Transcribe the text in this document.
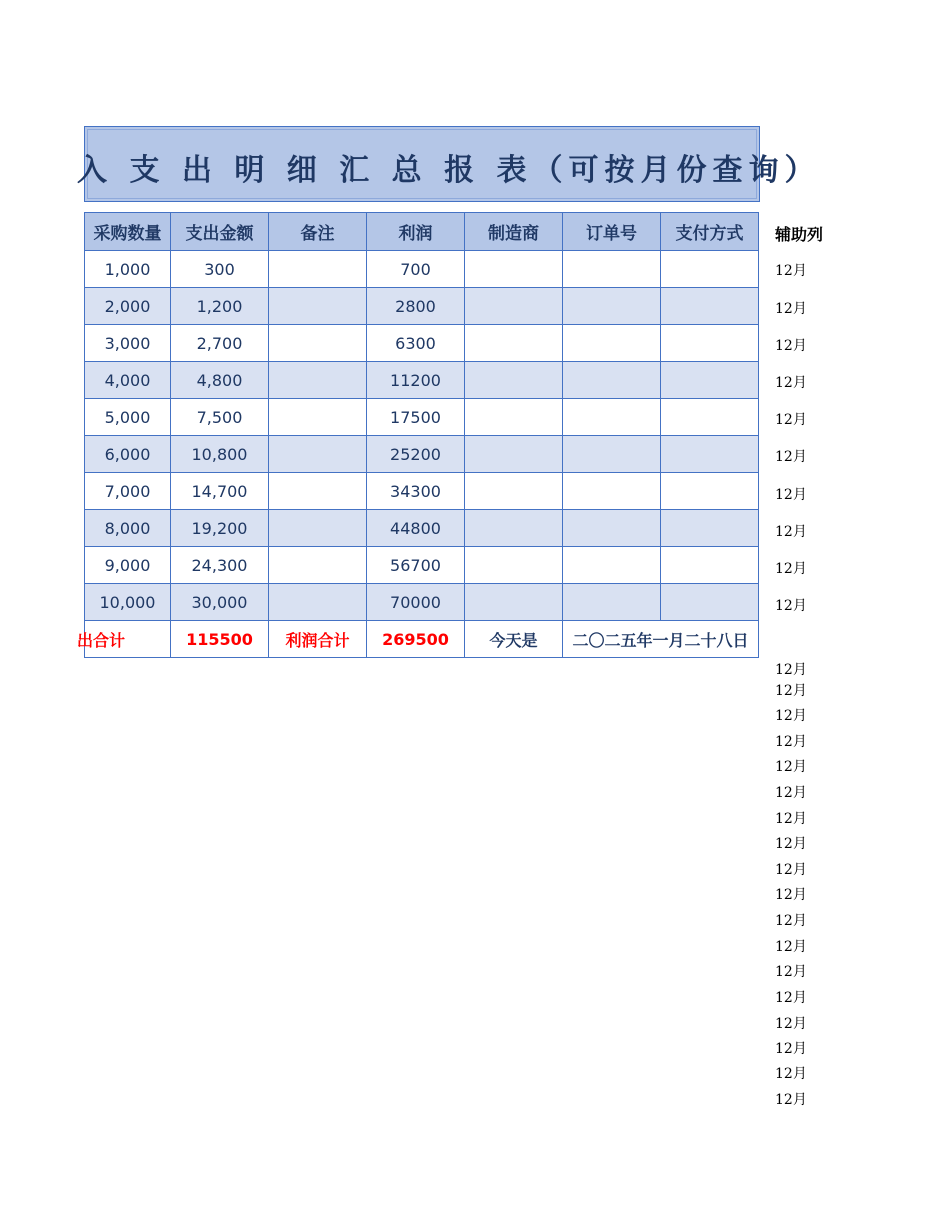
入 支 出 明 细 汇 总 报 表（可按月份查询）
采购数量	支出金额	备注	利润	制造商	订单号	支付方式
1,000	300		700			
2,000	1,200		2800			
3,000	2,700		6300			
4,000	4,800		11200			
5,000	7,500		17500			
6,000	10,800		25200			
7,000	14,700		34300			
8,000	19,200		44800			
9,000	24,300		56700			
10,000	30,000		70000			
出合计	115500	利润合计	269500	今天是	二〇二五年一月二十八日	
辅助列
12月
12月
12月
12月
12月
12月
12月
12月
12月
12月
12月
12月
12月
12月
12月
12月
12月
12月
12月
12月
12月
12月
12月
12月
12月
12月
12月
12月
